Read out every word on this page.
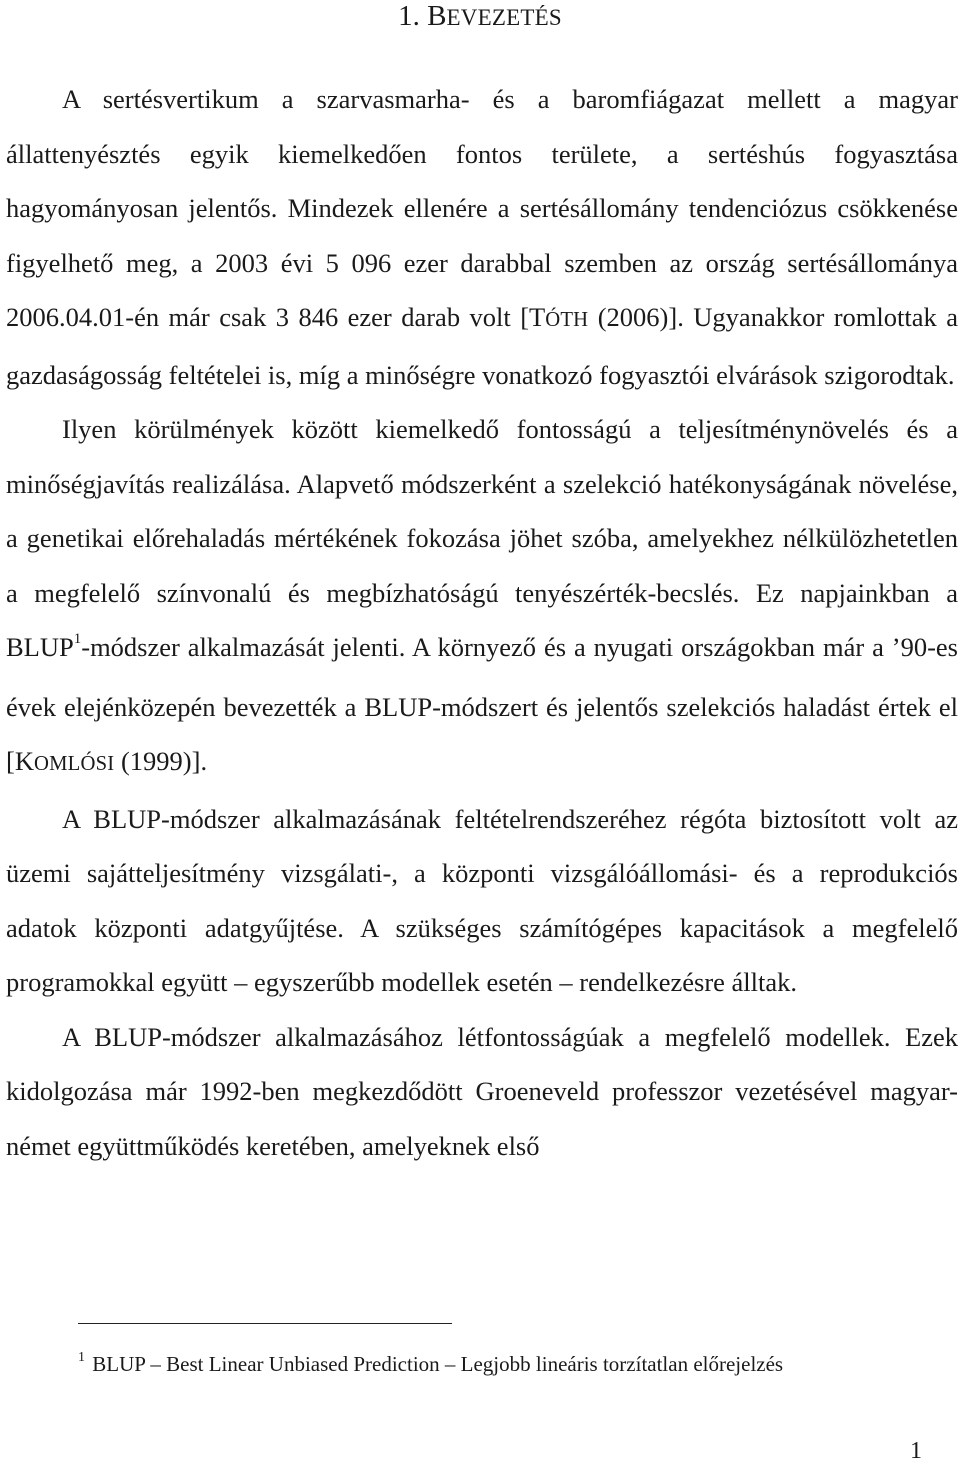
1. BEVEZETÉS

A sertésvertikum a szarvasmarha- és a baromfiágazat mellett a magyar állattenyésztés egyik kiemelkedően fontos területe, a sertéshús fogyasztása hagyományosan jelentős. Mindezek ellenére a sertésállomány tendenciózus csökkenése figyelhető meg, a 2003 évi 5 096 ezer darabbal szemben az ország sertésállománya 2006.04.01-én már csak 3 846 ezer darab volt [TÓTH (2006)]. Ugyanakkor romlottak a gazdaságosság feltételei is, míg a minőségre vonatkozó fogyasztói elvárások szigorodtak.

Ilyen körülmények között kiemelkedő fontosságú a teljesítménynövelés és a minőségjavítás realizálása. Alapvető módszerként a szelekció hatékonyságának növelése, a genetikai előrehaladás mértékének fokozása jöhet szóba, amelyekhez nélkülözhetetlen a megfelelő színvonalú és megbízhatóságú tenyészérték-becslés. Ez napjainkban a BLUP$^1$-módszer alkalmazását jelenti. A környező és a nyugati országokban már a ’90-es évek elejénközepén bevezették a BLUP-módszert és jelentős szelekciós haladást értek el [KOMLÓSI (1999)].

A BLUP-módszer alkalmazásának feltételrendszeréhez régóta biztosított volt az üzemi sajátteljesítmény vizsgálati-, a központi vizsgálóállomási- és a reprodukciós adatok központi adatgyűjtése. A szükséges számítógépes kapacitások a megfelelő programokkal együtt – egyszerűbb modellek esetén – rendelkezésre álltak.

A BLUP-módszer alkalmazásához létfontosságúak a megfelelő modellek. Ezek kidolgozása már 1992-ben megkezdődött Groeneveld professzor vezetésével magyar-német együttműködés keretében, amelyeknek első

$^1$ BLUP – Best Linear Unbiased Prediction – Legjobb lineáris torzítatlan előrejelzés
1
